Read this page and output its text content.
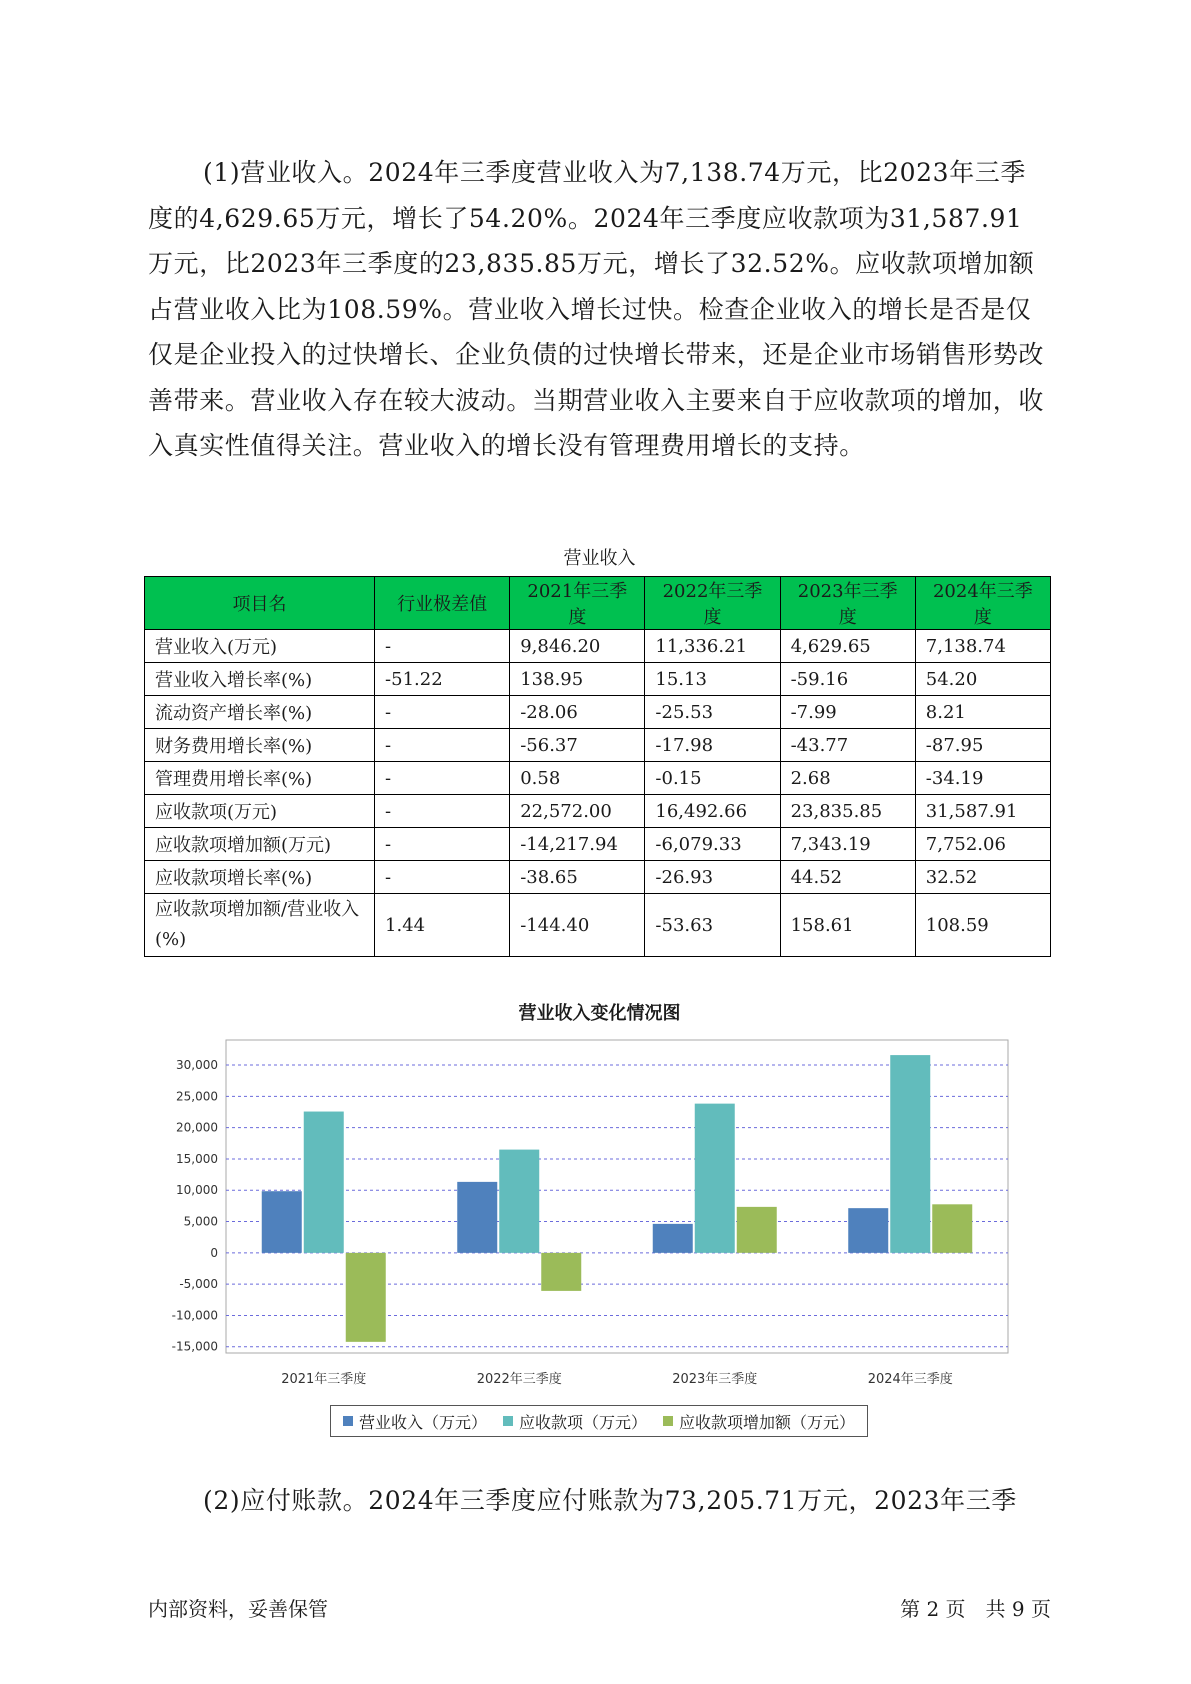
(1)营业收入。2024年三季度营业收入为7,138.74万元，比2023年三季度的4,629.65万元，增长了54.20%。2024年三季度应收款项为31,587.91万元，比2023年三季度的23,835.85万元，增长了32.52%。应收款项增加额占营业收入比为108.59%。营业收入增长过快。检查企业收入的增长是否是仅仅是企业投入的过快增长、企业负债的过快增长带来，还是企业市场销售形势改善带来。营业收入存在较大波动。当期营业收入主要来自于应收款项的增加，收入真实性值得关注。营业收入的增长没有管理费用增长的支持。

营业收入
项目名	行业极差值	2021年三季度	2022年三季度	2023年三季度	2024年三季度
营业收入(万元)	-	9,846.20	11,336.21	4,629.65	7,138.74
营业收入增长率(%)	-51.22	138.95	15.13	-59.16	54.20
流动资产增长率(%)	-	-28.06	-25.53	-7.99	8.21
财务费用增长率(%)	-	-56.37	-17.98	-43.77	-87.95
管理费用增长率(%)	-	0.58	-0.15	2.68	-34.19
应收款项(万元)	-	22,572.00	16,492.66	23,835.85	31,587.91
应收款项增加额(万元)	-	-14,217.94	-6,079.33	7,343.19	7,752.06
应收款项增长率(%)	-	-38.65	-26.93	44.52	32.52
应收款项增加额/营业收入(%)	1.44	-144.40	-53.63	158.61	108.59
营业收入变化情况图
30,000
25,000
20,000
15,000
10,000
5,000
0
-5,000
-10,000
-15,000
2021年三季度	2022年三季度	2023年三季度	2024年三季度
营业收入（万元） 应收款项（万元） 应收款项增加额（万元）

(2)应付账款。2024年三季度应付账款为73,205.71万元，2023年三季

内部资料，妥善保管	第 2 页　共 9 页
